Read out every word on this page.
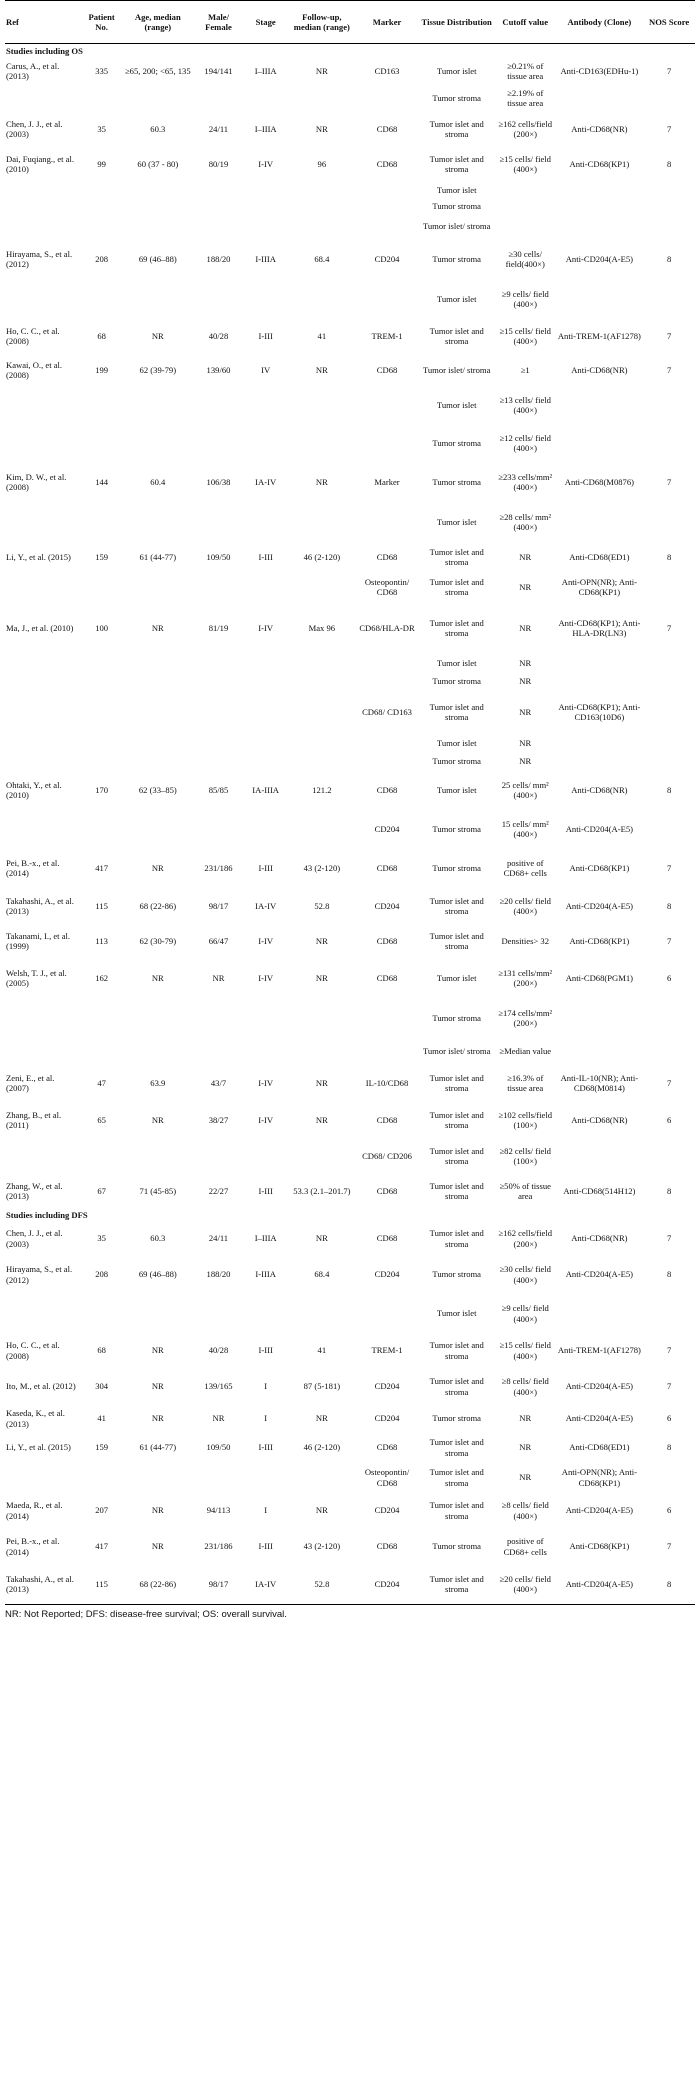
Ref	Patient No.	Age, median (range)	Male/ Female	Stage	Follow-up, median (range)	Marker	Tissue Distribution	Cutoff value	Antibody (Clone)	NOS Score
Studies including OS										
Carus, A., et al. (2013)	335	≥65, 200; <65, 135	194/141	I–IIIA	NR	CD163	Tumor islet	≥0.21% of tissue area	Anti-CD163(EDHu-1)	7
							Tumor stroma	≥2.19% of tissue area		
Chen, J. J., et al. (2003)	35	60.3	24/11	I–IIIA	NR	CD68	Tumor islet and stroma	≥162 cells/field (200×)	Anti-CD68(NR)	7
Dai, Fuqiang., et al. (2010)	99	60 (37 - 80)	80/19	I-IV	96	CD68	Tumor islet and stroma	≥15 cells/ field (400×)	Anti-CD68(KP1)	8
							Tumor islet			
							Tumor stroma			
							Tumor islet/ stroma			
Hirayama, S., et al. (2012)	208	69 (46–88)	188/20	I-IIIA	68.4	CD204	Tumor stroma	≥30 cells/ field(400×)	Anti-CD204(A-E5)	8
							Tumor islet	≥9 cells/ field (400×)		
Ho, C. C., et al. (2008)	68	NR	40/28	I-III	41	TREM-1	Tumor islet and stroma	≥15 cells/ field (400×)	Anti-TREM-1(AF1278)	7
Kawai, O., et al. (2008)	199	62 (39-79)	139/60	IV	NR	CD68	Tumor islet/ stroma	≥1	Anti-CD68(NR)	7
							Tumor islet	≥13 cells/ field (400×)		
							Tumor stroma	≥12 cells/ field (400×)		
Kim, D. W., et al. (2008)	144	60.4	106/38	IA-IV	NR	Marker	Tumor stroma	≥233 cells/mm² (400×)	Anti-CD68(M0876)	7
							Tumor islet	≥28 cells/ mm² (400×)		
Li, Y., et al. (2015)	159	61 (44-77)	109/50	I-III	46 (2-120)	CD68	Tumor islet and stroma	NR	Anti-CD68(ED1)	8
						Osteopontin/ CD68	Tumor islet and stroma	NR	Anti-OPN(NR); Anti-CD68(KP1)	
Ma, J., et al. (2010)	100	NR	81/19	I-IV	Max 96	CD68/HLA-DR	Tumor islet and stroma	NR	Anti-CD68(KP1); Anti-HLA-DR(LN3)	7
							Tumor islet	NR		
							Tumor stroma	NR		
						CD68/ CD163	Tumor islet and stroma	NR	Anti-CD68(KP1); Anti-CD163(10D6)	
							Tumor islet	NR		
							Tumor stroma	NR		
Ohtaki, Y., et al. (2010)	170	62 (33–85)	85/85	IA-IIIA	121.2	CD68	Tumor islet	25 cells/ mm² (400×)	Anti-CD68(NR)	8
						CD204	Tumor stroma	15 cells/ mm² (400×)	Anti-CD204(A-E5)	
Pei, B.-x., et al. (2014)	417	NR	231/186	I-III	43 (2-120)	CD68	Tumor stroma	positive of CD68+ cells	Anti-CD68(KP1)	7
Takahashi, A., et al. (2013)	115	68 (22-86)	98/17	IA-IV	52.8	CD204	Tumor islet and stroma	≥20 cells/ field (400×)	Anti-CD204(A-E5)	8
Takanami, I., et al. (1999)	113	62 (30-79)	66/47	I-IV	NR	CD68	Tumor islet and stroma	Densities> 32	Anti-CD68(KP1)	7
Welsh, T. J., et al. (2005)	162	NR	NR	I-IV	NR	CD68	Tumor islet	≥131 cells/mm² (200×)	Anti-CD68(PGM1)	6
							Tumor stroma	≥174 cells/mm² (200×)		
							Tumor islet/ stroma	≥Median value		
Zeni, E., et al. (2007)	47	63.9	43/7	I-IV	NR	IL-10/CD68	Tumor islet and stroma	≥16.3% of tissue area	Anti-IL-10(NR); Anti-CD68(M0814)	7
Zhang, B., et al. (2011)	65	NR	38/27	I-IV	NR	CD68	Tumor islet and stroma	≥102 cells/field (100×)	Anti-CD68(NR)	6
						CD68/ CD206	Tumor islet and stroma	≥82 cells/ field (100×)		
Zhang, W., et al. (2013)	67	71 (45-85)	22/27	I-III	53.3 (2.1–201.7)	CD68	Tumor islet and stroma	≥50% of tissue area	Anti-CD68(514H12)	8
Studies including DFS										
Chen, J. J., et al. (2003)	35	60.3	24/11	I–IIIA	NR	CD68	Tumor islet and stroma	≥162 cells/field (200×)	Anti-CD68(NR)	7
Hirayama, S., et al. (2012)	208	69 (46–88)	188/20	I-IIIA	68.4	CD204	Tumor stroma	≥30 cells/ field (400×)	Anti-CD204(A-E5)	8
							Tumor islet	≥9 cells/ field (400×)		
Ho, C. C., et al. (2008)	68	NR	40/28	I-III	41	TREM-1	Tumor islet and stroma	≥15 cells/ field (400×)	Anti-TREM-1(AF1278)	7
Ito, M., et al. (2012)	304	NR	139/165	I	87 (5-181)	CD204	Tumor islet and stroma	≥8 cells/ field (400×)	Anti-CD204(A-E5)	7
Kaseda, K., et al. (2013)	41	NR	NR	I	NR	CD204	Tumor stroma	NR	Anti-CD204(A-E5)	6
Li, Y., et al. (2015)	159	61 (44-77)	109/50	I-III	46 (2-120)	CD68	Tumor islet and stroma	NR	Anti-CD68(ED1)	8
						Osteopontin/ CD68	Tumor islet and stroma	NR	Anti-OPN(NR); Anti-CD68(KP1)	
Maeda, R., et al. (2014)	207	NR	94/113	I	NR	CD204	Tumor islet and stroma	≥8 cells/ field (400×)	Anti-CD204(A-E5)	6
Pei, B.-x., et al. (2014)	417	NR	231/186	I-III	43 (2-120)	CD68	Tumor stroma	positive of CD68+ cells	Anti-CD68(KP1)	7
Takahashi, A., et al. (2013)	115	68 (22-86)	98/17	IA-IV	52.8	CD204	Tumor islet and stroma	≥20 cells/ field (400×)	Anti-CD204(A-E5)	8
NR: Not Reported; DFS: disease-free survival; OS: overall survival.
